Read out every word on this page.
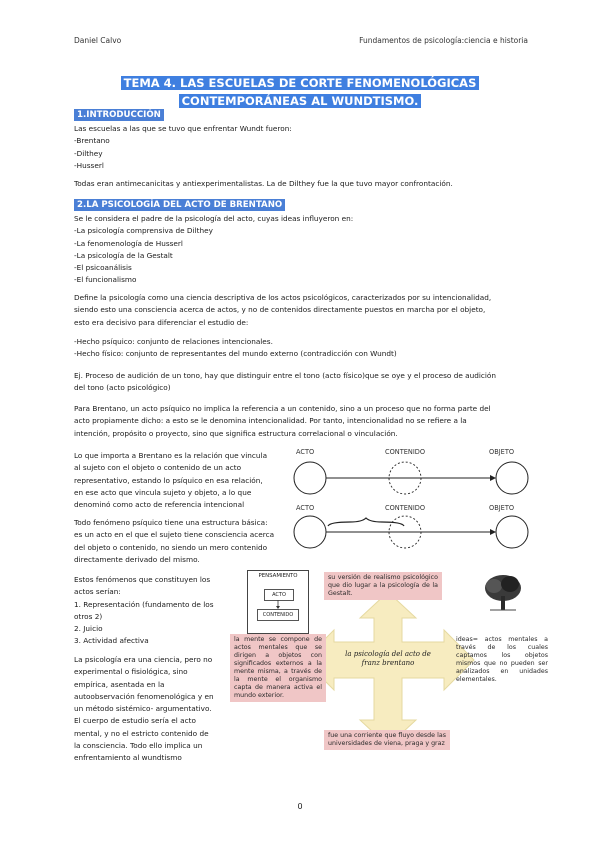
Daniel Calvo	Fundamentos de psicología:ciencia e historia
TEMA 4. LAS ESCUELAS DE CORTE FENOMENOLÓGICAS
CONTEMPORÁNEAS AL WUNDTISMO.
1.INTRODUCCIÓN
Las escuelas a las que se tuvo que enfrentar Wundt fueron:
-Brentano
-Dilthey
-Husserl
Todas eran antimecanicitas y antiexperimentalistas. La de Dilthey fue la que tuvo mayor confrontación.
2.LA PSICOLOGÍA DEL ACTO DE BRENTANO
Se le considera el padre de la psicología del acto, cuyas ideas influyeron en:
-La psicología comprensiva de Dilthey
-La fenomenología de Husserl
-La psicología de la Gestalt
-El psicoanálisis
-El funcionalismo
Define la psicología como una ciencia descriptiva de los actos psicológicos, caracterizados por su intencionalidad,
siendo esto una consciencia acerca de actos, y no de contenidos directamente puestos en marcha por el objeto,
esto era decisivo para diferenciar el estudio de:
-Hecho psíquico: conjunto de relaciones intencionales.
-Hecho físico: conjunto de representantes del mundo externo (contradicción con Wundt)
Ej. Proceso de audición de un tono, hay que distinguir entre el tono (acto físico)que se oye y el proceso de audición
del tono (acto psicológico)
Para Brentano, un acto psíquico no implica la referencia a un contenido, sino a un proceso que no forma parte del
acto propiamente dicho: a esto se le denomina intencionalidad. Por tanto, intencionalidad no se refiere a la
intención, propósito o proyecto, sino que significa estructura correlacional o vinculación.
Lo que importa a Brentano es la relación que vincula
al sujeto con el objeto o contenido de un acto
representativo, estando lo psíquico en esa relación,
en ese acto que vincula sujeto y objeto, a lo que
denominó como acto de referencia intencional
Todo fenómeno psíquico tiene una estructura básica:
es un acto en el que el sujeto tiene consciencia acerca
del objeto o contenido, no siendo un mero contenido
directamente derivado del mismo.
Estos fenómenos que constituyen los
actos serían:
1. Representación (fundamento de los
otros 2)
2. Juicio
3. Actividad afectiva
La psicología era una ciencia, pero no
experimental o fisiológica, sino
empírica, asentada en la
autoobservación fenomenológica y en
un método sistémico- argumentativo.
El cuerpo de estudio sería el acto
mental, y no el estricto contenido de
la consciencia. Todo ello implica un
enfrentamiento al wundtismo
ACTO	CONTENIDO	OBJETO
ACTO	CONTENIDO	OBJETO
su versión de realismo psicológico que dio lugar a la psicología de la Gestalt.
la mente se compone de actos mentales que se dirigen a objetos con significados externos a la mente misma, a través de la mente el organismo capta de manera activa el mundo exterior.
ideas= actos mentales a través de los cuales captamos los objetos mismos que no pueden ser analizados en unidades elementales.
fue una corriente que fluyo desde las universidades de viena, praga y graz
la psicología del acto de franz brentano
PENSAMIENTO
ACTO
CONTENIDO
0
